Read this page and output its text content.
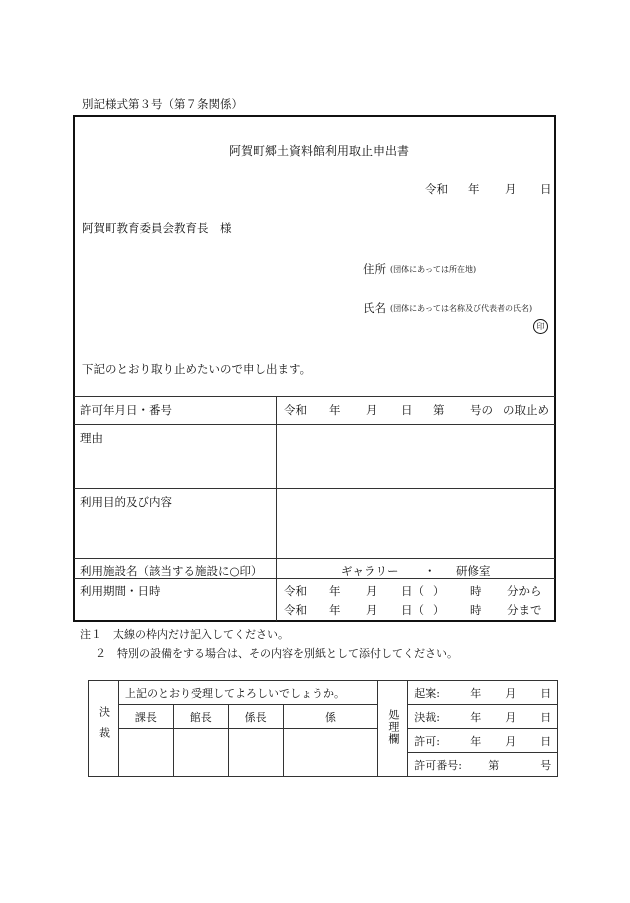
別記様式第３号（第７条関係）
阿賀町郷土資料館利用取止申出書
令和 年 月 日
阿賀町教育委員会教育長　様
住所 (団体にあっては所在地)
氏名 (団体にあっては名称及び代表者の氏名)
印
下記のとおり取り止めたいので申し出ます。
許可年月日・番号	令和 年 月 日 第 号の の取止め
理由
利用目的及び内容
利用施設名（該当する施設に○印）	ギャラリー ・ 研修室
利用期間・日時	令和 年 月 日（ ） 時 分から
令和 年 月 日（ ） 時 分まで
注１　太線の枠内だけ記入してください。
２　特別の設備をする場合は、その内容を別紙として添付してください。
決裁	上記のとおり受理してよろしいでしょうか。				処理欄	起案: 年 月 日

	課長	館長	係長	係		決裁: 年 月 日

						許可: 年 月 日

						許可番号: 第 号
